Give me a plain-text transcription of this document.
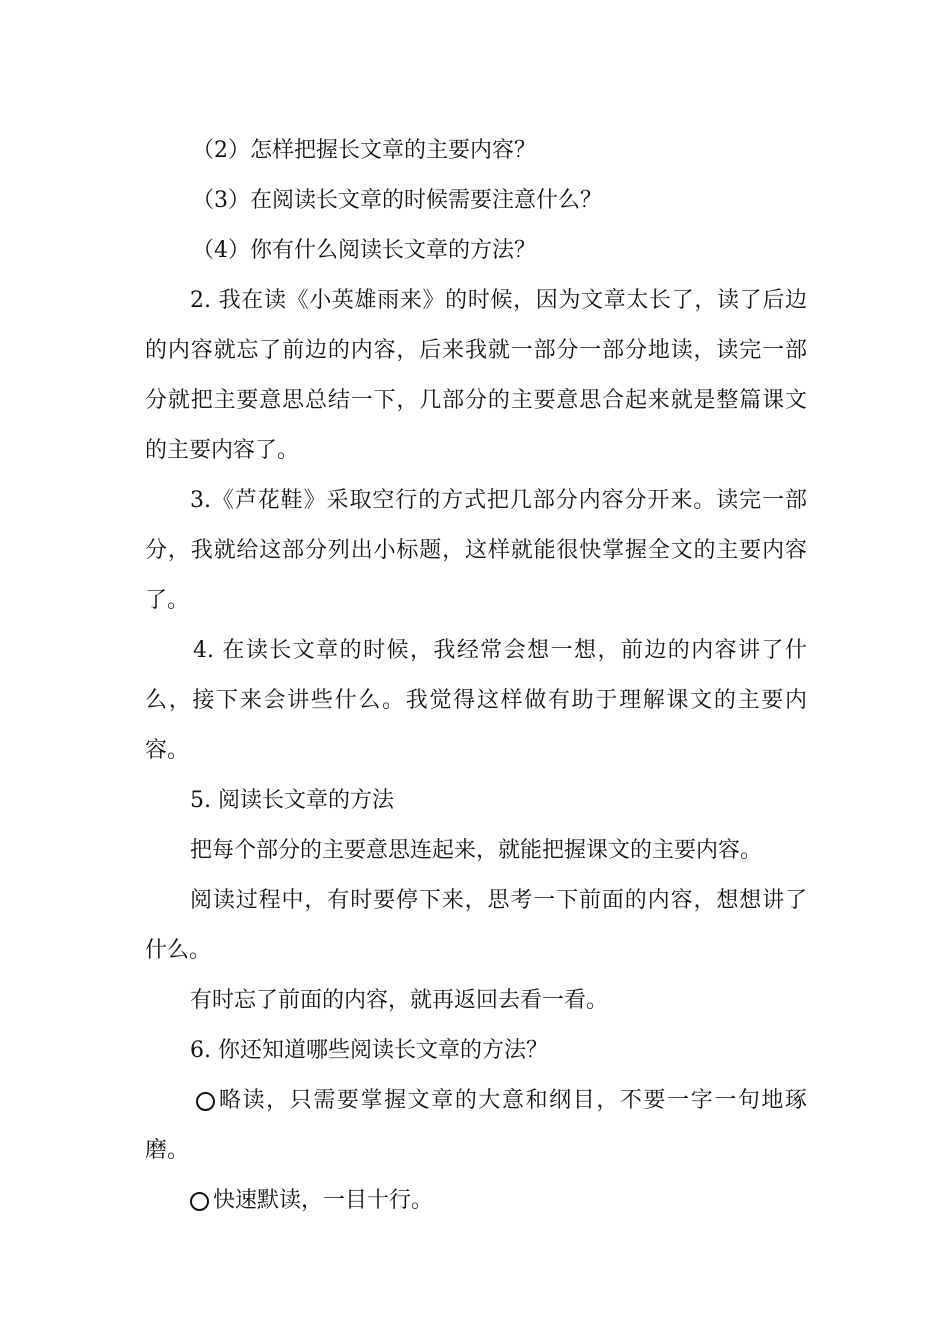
（2）怎样把握长文章的主要内容？
（3）在阅读长文章的时候需要注意什么？
（4）你有什么阅读长文章的方法？
2. 我在读《小英雄雨来》的时候，因为文章太长了，读了后边
的内容就忘了前边的内容，后来我就一部分一部分地读，读完一部
分就把主要意思总结一下，几部分的主要意思合起来就是整篇课文
的主要内容了。
3.《芦花鞋》采取空行的方式把几部分内容分开来。读完一部
分，我就给这部分列出小标题，这样就能很快掌握全文的主要内容
了。
4. 在读长文章的时候，我经常会想一想，前边的内容讲了什
么，接下来会讲些什么。我觉得这样做有助于理解课文的主要内
容。
5. 阅读长文章的方法
把每个部分的主要意思连起来，就能把握课文的主要内容。
阅读过程中，有时要停下来，思考一下前面的内容，想想讲了
什么。
有时忘了前面的内容，就再返回去看一看。
6. 你还知道哪些阅读长文章的方法？
略读，只需要掌握文章的大意和纲目，不要一字一句地琢
磨。
快速默读，一目十行。
